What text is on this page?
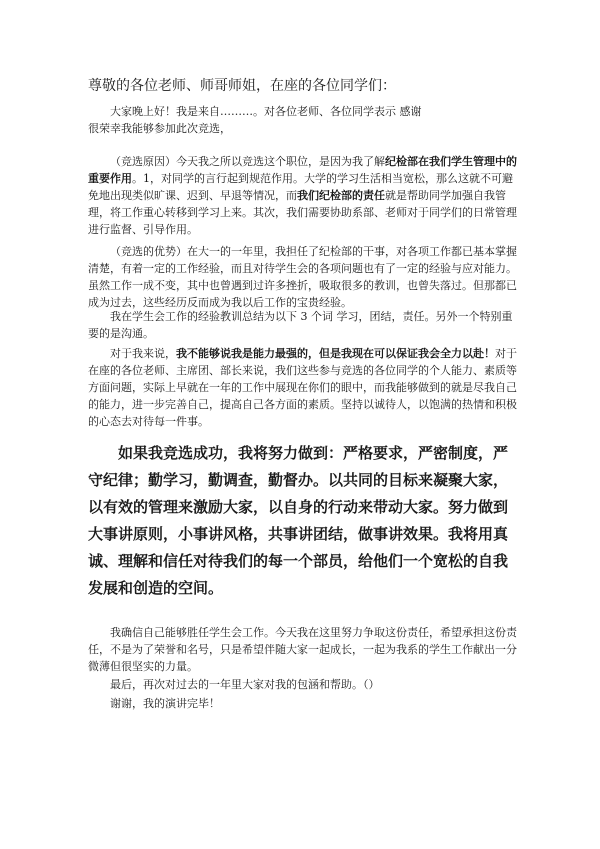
尊敬的各位老师、师哥师姐，在座的各位同学们：

大家晚上好！我是来自………。对各位老师、各位同学表示 感谢
很荣幸我能够参加此次竞选，

（竞选原因）今天我之所以竞选这个职位，是因为我了解纪检部在我们学生管理中的重要作用。1，对同学的言行起到规范作用。大学的学习生活相当宽松，那么这就不可避免地出现类似旷课、迟到、早退等情况，而我们纪检部的责任就是帮助同学加强自我管理，将工作重心转移到学习上来。其次，我们需要协助系部、老师对于同学们的日常管理进行监督、引导作用。

（竞选的优势）在大一的一年里，我担任了纪检部的干事，对各项工作都已基本掌握清楚，有着一定的工作经验，而且对待学生会的各项问题也有了一定的经验与应对能力。虽然工作一成不变，其中也曾遇到过许多挫折，吸取很多的教训，也曾失落过。但那都已成为过去，这些经历反而成为我以后工作的宝贵经验。

我在学生会工作的经验教训总结为以下 3 个词 学习，团结，责任。另外一个特别重要的是沟通。

对于我来说，我不能够说我是能力最强的，但是我现在可以保证我会全力以赴！对于在座的各位老师、主席团、部长来说，我们这些参与竞选的各位同学的个人能力、素质等方面问题，实际上早就在一年的工作中展现在你们的眼中，而我能够做到的就是尽我自己的能力，进一步完善自己，提高自己各方面的素质。坚持以诚待人，以饱满的热情和积极的心态去对待每一件事。

如果我竞选成功，我将努力做到：严格要求，严密制度，严守纪律；勤学习，勤调查，勤督办。以共同的目标来凝聚大家，以有效的管理来激励大家，以自身的行动来带动大家。努力做到大事讲原则，小事讲风格，共事讲团结，做事讲效果。我将用真诚、理解和信任对待我们的每一个部员，给他们一个宽松的自我发展和创造的空间。

我确信自己能够胜任学生会工作。今天我在这里努力争取这份责任，希望承担这份责任，不是为了荣誉和名号，只是希望伴随大家一起成长，一起为我系的学生工作献出一分微薄但很坚实的力量。

最后，再次对过去的一年里大家对我的包涵和帮助。（）

谢谢，我的演讲完毕！
